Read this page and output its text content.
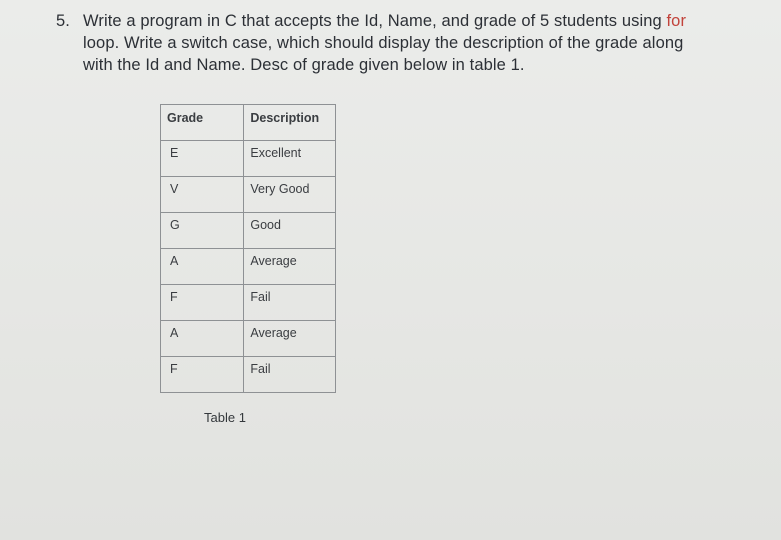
5. Write a program in C that accepts the Id, Name, and grade of 5 students using for
loop. Write a switch case, which should display the description of the grade along
with the Id and Name. Desc of grade given below in table 1.
Grade	Description
E	Excellent
V	Very Good
G	Good
A	Average
F	Fail
A	Average
F	Fail
Table 1
